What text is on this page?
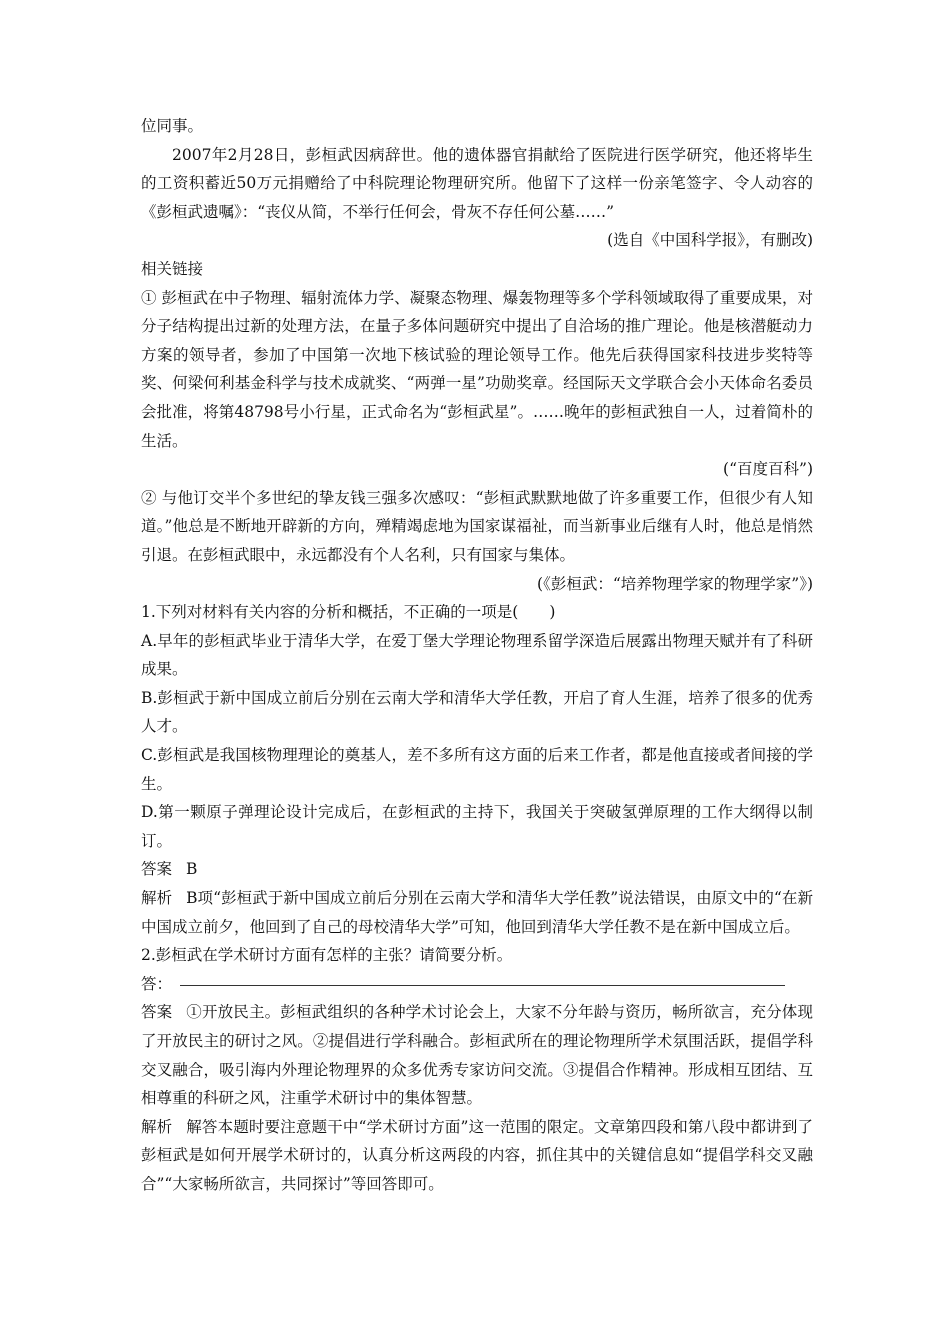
位同事。

2007年2月28日，彭桓武因病辞世。他的遗体器官捐献给了医院进行医学研究，他还将毕生的工资积蓄近50万元捐赠给了中科院理论物理研究所。他留下了这样一份亲笔签字、令人动容的《彭桓武遗嘱》：“丧仪从简，不举行任何会，骨灰不存任何公墓……”

(选自《中国科学报》，有删改)

相关链接

① 彭桓武在中子物理、辐射流体力学、凝聚态物理、爆轰物理等多个学科领域取得了重要成果，对分子结构提出过新的处理方法，在量子多体问题研究中提出了自洽场的推广理论。他是核潜艇动力方案的领导者，参加了中国第一次地下核试验的理论领导工作。他先后获得国家科技进步奖特等奖、何梁何利基金科学与技术成就奖、“两弹一星”功勋奖章。经国际天文学联合会小天体命名委员会批准，将第48798号小行星，正式命名为“彭桓武星”。……晚年的彭桓武独自一人，过着简朴的生活。

(“百度百科”)

② 与他订交半个多世纪的挚友钱三强多次感叹：“彭桓武默默地做了许多重要工作，但很少有人知道。”他总是不断地开辟新的方向，殚精竭虑地为国家谋福祉，而当新事业后继有人时，他总是悄然引退。在彭桓武眼中，永远都没有个人名利，只有国家与集体。

(《彭桓武：“培养物理学家的物理学家”》)

1.下列对材料有关内容的分析和概括，不正确的一项是(　　)

A.早年的彭桓武毕业于清华大学，在爱丁堡大学理论物理系留学深造后展露出物理天赋并有了科研成果。

B.彭桓武于新中国成立前后分别在云南大学和清华大学任教，开启了育人生涯，培养了很多的优秀人才。

C.彭桓武是我国核物理理论的奠基人，差不多所有这方面的后来工作者，都是他直接或者间接的学生。

D.第一颗原子弹理论设计完成后，在彭桓武的主持下，我国关于突破氢弹原理的工作大纲得以制订。

答案 B

解析 B项“彭桓武于新中国成立前后分别在云南大学和清华大学任教”说法错误，由原文中的“在新中国成立前夕，他回到了自己的母校清华大学”可知，他回到清华大学任教不是在新中国成立后。

2.彭桓武在学术研讨方面有怎样的主张？请简要分析。

答：

答案 ①开放民主。彭桓武组织的各种学术讨论会上，大家不分年龄与资历，畅所欲言，充分体现了开放民主的研讨之风。②提倡进行学科融合。彭桓武所在的理论物理所学术氛围活跃，提倡学科交叉融合，吸引海内外理论物理界的众多优秀专家访问交流。③提倡合作精神。形成相互团结、互相尊重的科研之风，注重学术研讨中的集体智慧。

解析 解答本题时要注意题干中“学术研讨方面”这一范围的限定。文章第四段和第八段中都讲到了彭桓武是如何开展学术研讨的，认真分析这两段的内容，抓住其中的关键信息如“提倡学科交叉融合”“大家畅所欲言，共同探讨”等回答即可。
